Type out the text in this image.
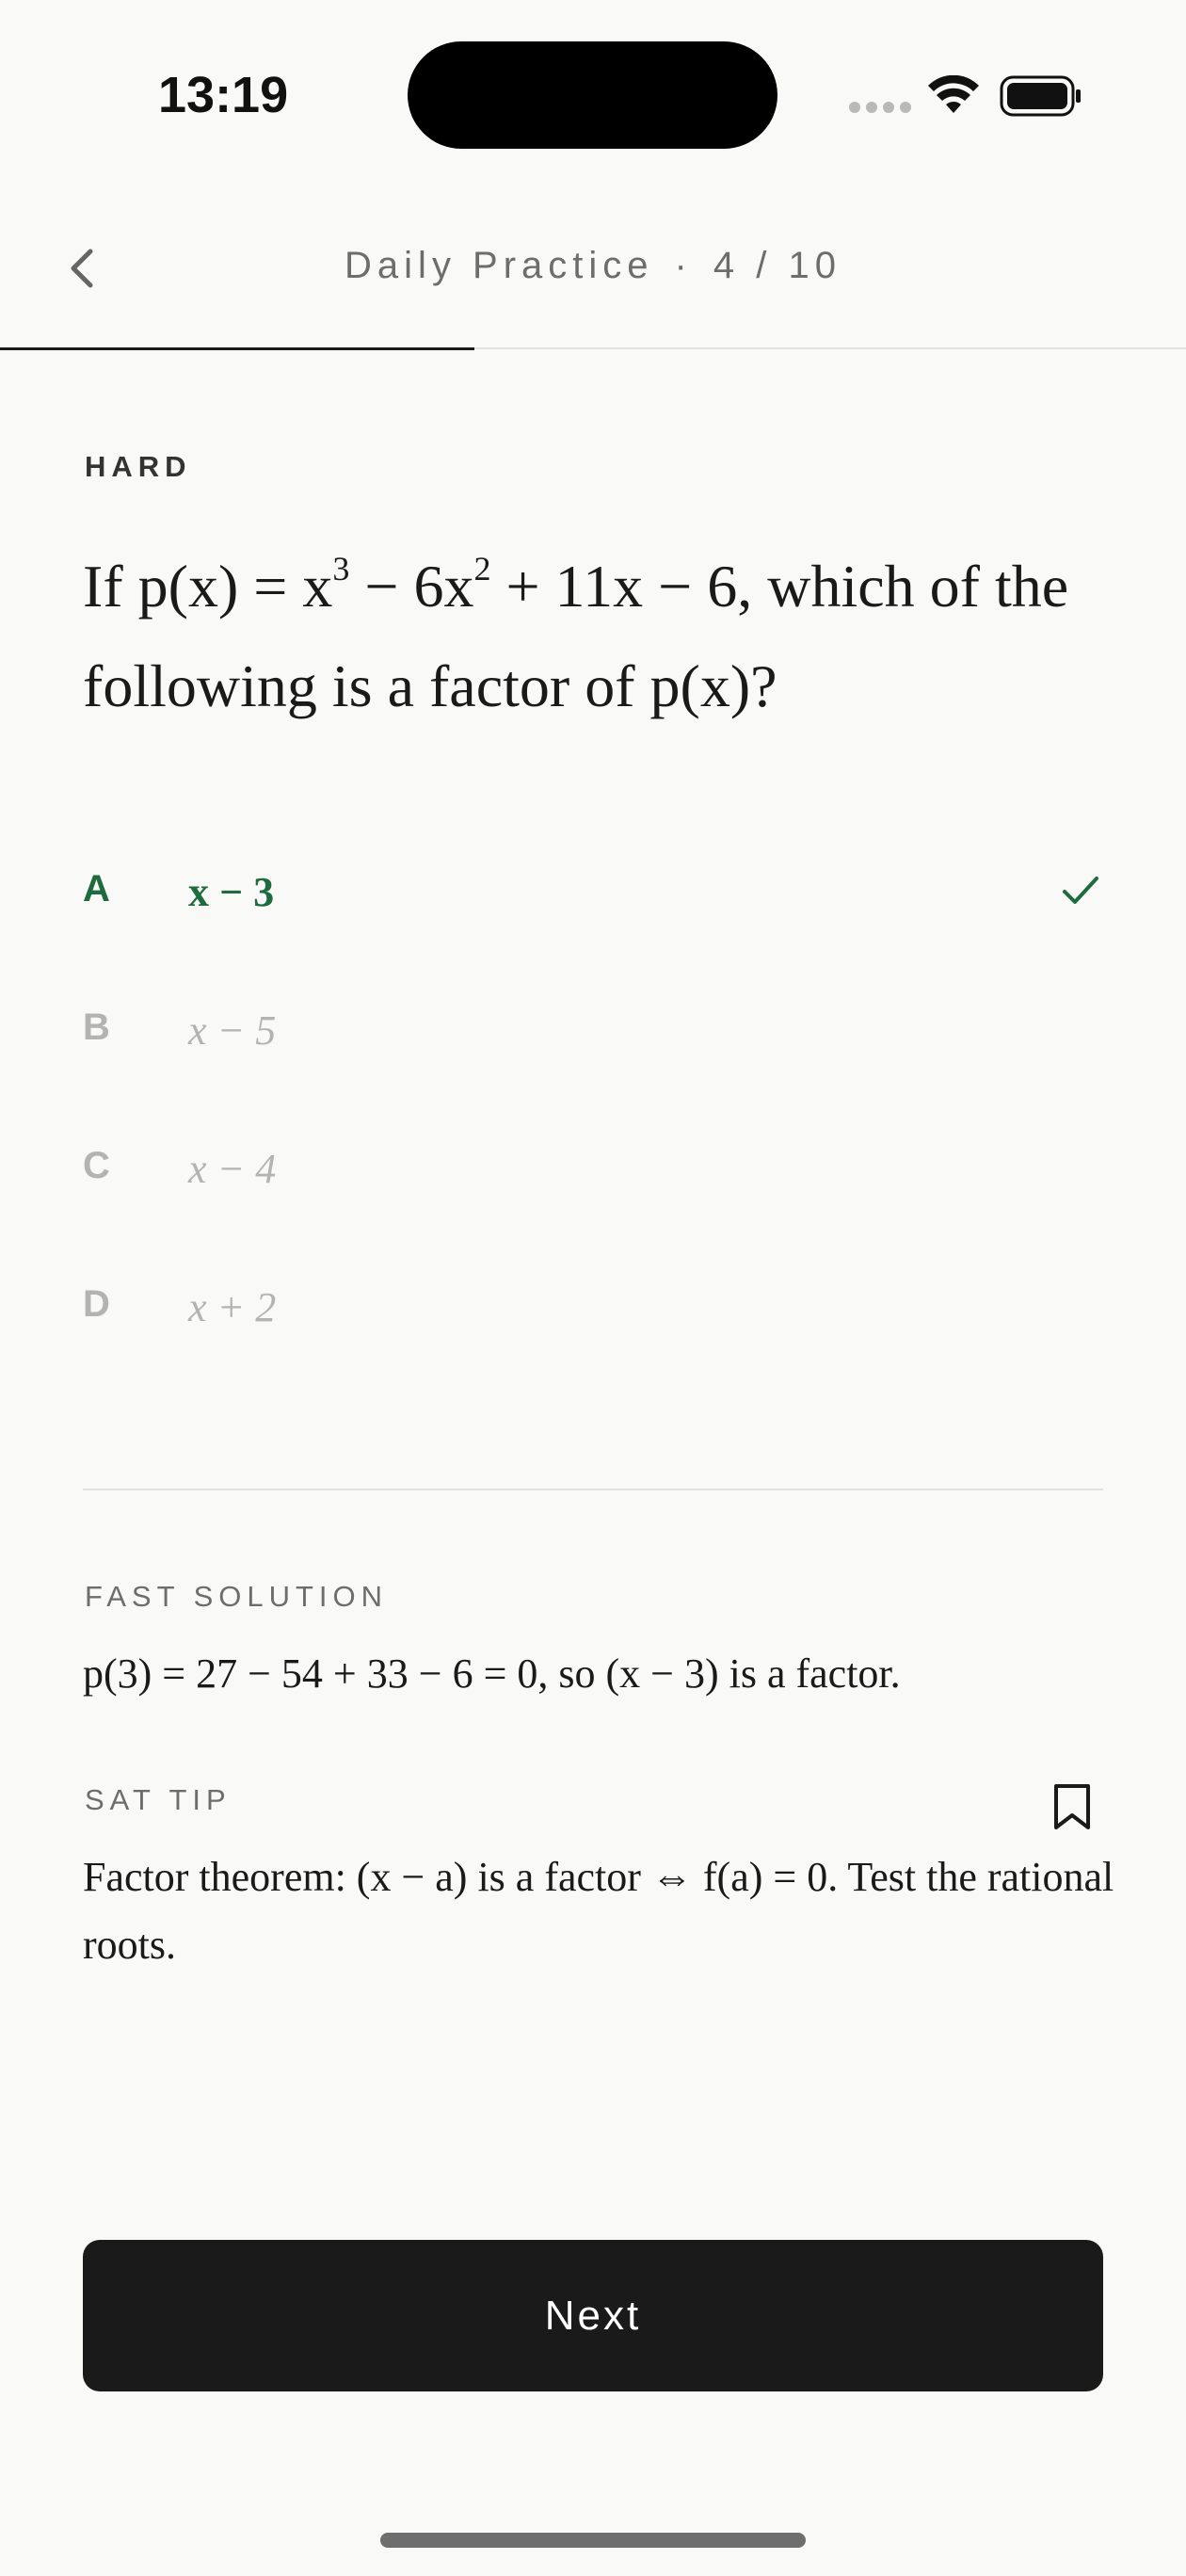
13:19
Daily Practice · 4 / 10
HARD
If $p(x) = x^3 - 6x^2 + 11x - 6$, which of the following is a factor of p(x)?
A x − 3
B x − 5
C x − 4
D x + 2
FAST SOLUTION
p(3) = 27 − 54 + 33 − 6 = 0, so (x − 3) is a factor.
SAT TIP
Factor theorem: (x − a) is a factor ⇔ f(a) = 0. Test the rational roots.
Next
